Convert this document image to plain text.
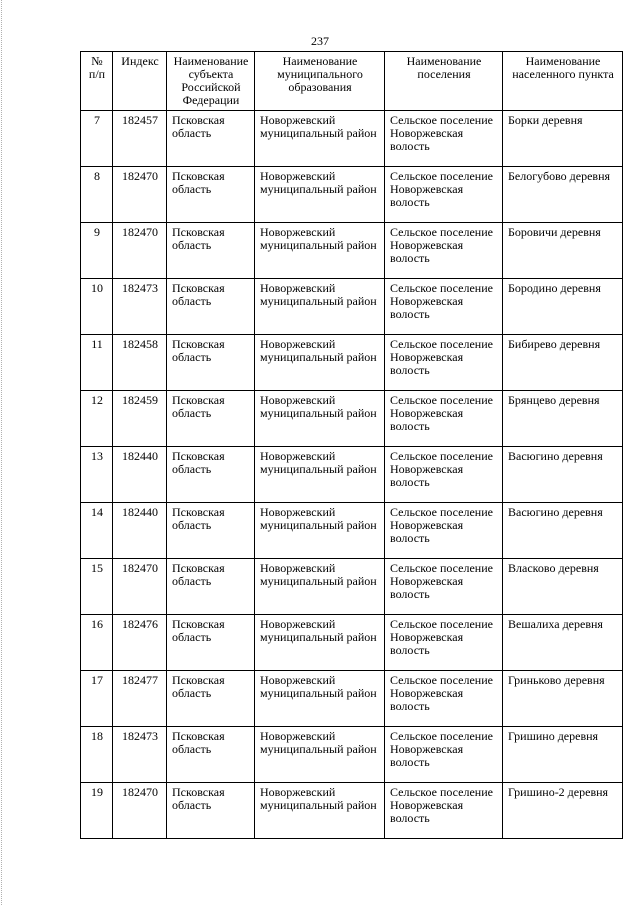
237
№ п/п	Индекс	Наименование субъекта Российской Федерации	Наименование муниципального образования	Наименование поселения	Наименование населенного пункта
7	182457	Псковская область	Новоржевский муниципальный район	Сельское поселение Новоржевская волость	Борки деревня
8	182470	Псковская область	Новоржевский муниципальный район	Сельское поселение Новоржевская волость	Белогубово деревня
9	182470	Псковская область	Новоржевский муниципальный район	Сельское поселение Новоржевская волость	Боровичи деревня
10	182473	Псковская область	Новоржевский муниципальный район	Сельское поселение Новоржевская волость	Бородино деревня
11	182458	Псковская область	Новоржевский муниципальный район	Сельское поселение Новоржевская волость	Бибирево деревня
12	182459	Псковская область	Новоржевский муниципальный район	Сельское поселение Новоржевская волость	Брянцево деревня
13	182440	Псковская область	Новоржевский муниципальный район	Сельское поселение Новоржевская волость	Васюгино деревня
14	182440	Псковская область	Новоржевский муниципальный район	Сельское поселение Новоржевская волость	Васюгино деревня
15	182470	Псковская область	Новоржевский муниципальный район	Сельское поселение Новоржевская волость	Власково деревня
16	182476	Псковская область	Новоржевский муниципальный район	Сельское поселение Новоржевская волость	Вешалиха деревня
17	182477	Псковская область	Новоржевский муниципальный район	Сельское поселение Новоржевская волость	Гриньково деревня
18	182473	Псковская область	Новоржевский муниципальный район	Сельское поселение Новоржевская волость	Гришино деревня
19	182470	Псковская область	Новоржевский муниципальный район	Сельское поселение Новоржевская волость	Гришино-2 деревня
